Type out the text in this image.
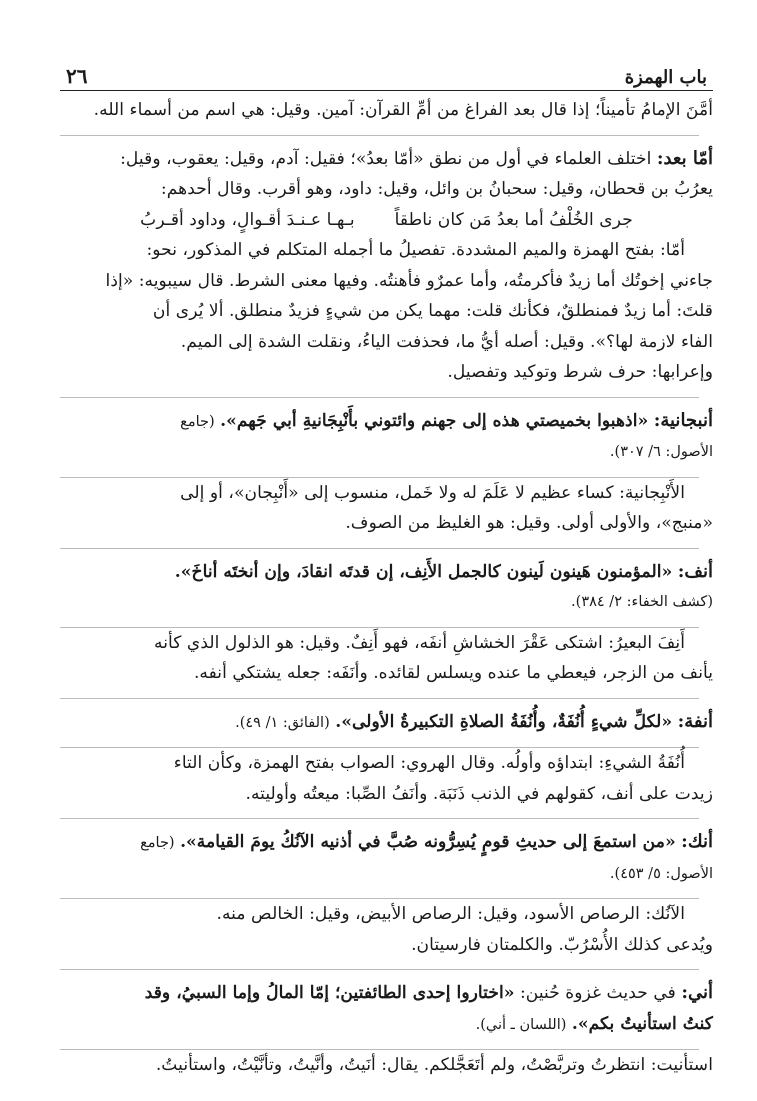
باب الهمزة
٢٦

أمَّنَ الإمامُ تأميناً؛ إذا قال بعد الفراغ من أمِّ القرآن: آمين. وقيل: هي اسم من أسماء الله.

أمّا بعد: اختلف العلماء في أول من نطق «أمّا بعدُ»؛ فقيل: آدم، وقيل: يعقوب، وقيل:

يعرُبُ بن قحطان، وقيل: سحبانُ بن وائل، وقيل: داود، وهو أقرب. وقال أحدهم:

جرى الخُلْفُ أما بعدُ مَن كان ناطقاً
بـهـا عـنـدَ أقـوالٍ، وداود أقـربُ

أمّا: بفتح الهمزة والميم المشددة. تفصيلُ ما أجمله المتكلم في المذكور، نحو:

جاءني إخوتُك أما زيدٌ فأكرمتُه، وأما عمرٌو فأهنتُه. وفيها معنى الشرط. قال سيبويه: «إذا

قلتَ: أما زيدٌ فمنطلقٌ، فكأنك قلت: مهما يكن من شيءٍ فزيدٌ منطلق. ألا يُرى أن

الفاء لازمة لها؟». وقيل: أصله أيُّ ما، فحذفت الياءُ، ونقلت الشدة إلى الميم.

وإعرابها: حرف شرط وتوكيد وتفصيل.

أنبجانية: «اذهبوا بخميصتي هذه إلى جهنم وائتوني بأَنْبِجَانيةِ أبي جَهم». (جامع

الأصول: ٦/ ٣٠٧).

الأَنْبِجانية: كساء عظيم لا عَلَمَ له ولا خَمل، منسوب إلى «أَنْبِجان»، أو إلى

«منبج»، والأولى أولى. وقيل: هو الغليظ من الصوف.

أنف: «المؤمنون هَينون لَينون كالجمل الأَنِف، إن قدتَه انقادَ، وإن أنختَه أناخَ».

(كشف الخفاء: ٢/ ٣٨٤).

أَنِفَ البعيرُ: اشتكى عَقْرَ الخشاشِ أنفَه، فهو أَنِفٌ. وقيل: هو الذلول الذي كأنه

يأنف من الزجر، فيعطي ما عنده ويسلس لقائده. وأنَفَه: جعله يشتكي أنفه.

أنفة: «لكلِّ شيءٍ أُنُفَةٌ، وأُنُفَةُ الصلاةِ التكبيرةُ الأولى». (الفائق: ١/ ٤٩).

أُنُفَةُ الشيءِ: ابتداؤه وأولُه. وقال الهروي: الصواب بفتح الهمزة، وكأن التاء

زيدت على أنف، كقولهم في الذنب ذَنَبَة. وأنَفُ الصِّبا: ميعتُه وأوليته.

أنك: «من استمعَ إلى حديثِ قومٍ يُسِرُّونه صُبَّ في أذنيه الآنُكُ يومَ القيامة». (جامع

الأصول: ٥/ ٤٥٣).

الآنُك: الرصاص الأسود، وقيل: الرصاص الأبيض، وقيل: الخالص منه.

ويُدعى كذلك الأُسْرُبّ. والكلمتان فارسيتان.

أني: في حديث غزوة حُنين: «اختاروا إحدى الطائفتين؛ إمّا المالُ وإما السبيُ، وقد

كنتُ استأنيتُ بكم». (اللسان ـ أني).

استأنيت: انتظرتُ وتربَّصْتُ، ولم أتَعَجَّلكم. يقال: أنَيتُ، وأنَّيتُ، وتأنَّيْتُ، واستأنيتُ.
